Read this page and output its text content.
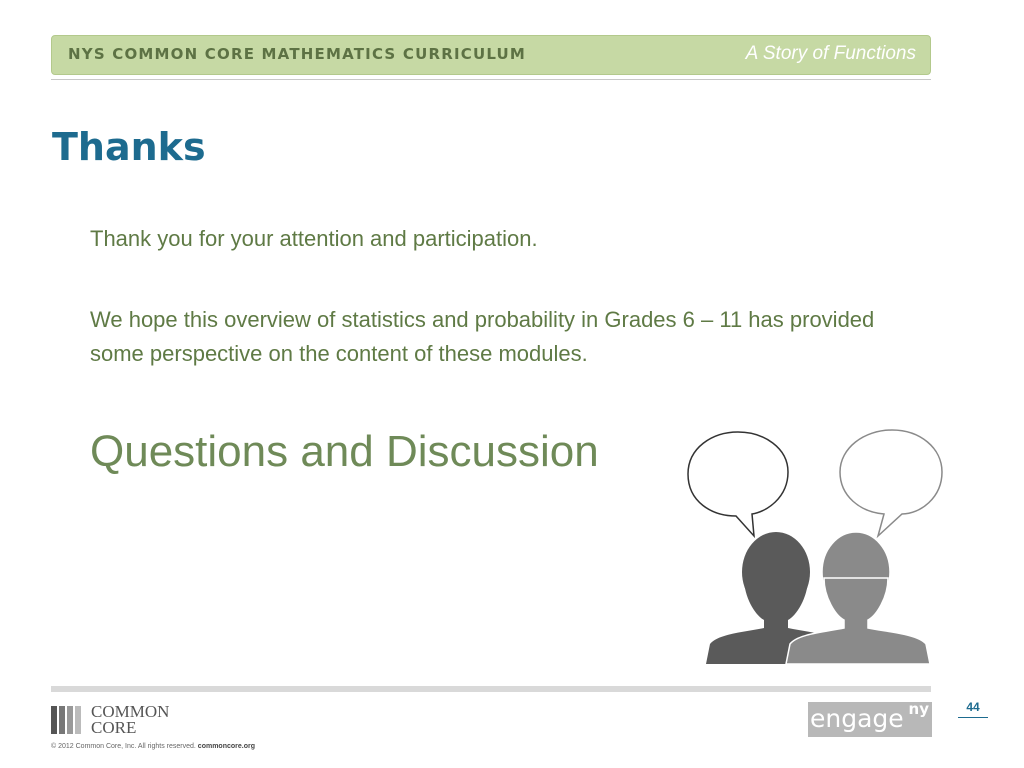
NYS COMMON CORE MATHEMATICS CURRICULUM	A Story of Functions
Thanks
Thank you for your attention and participation.
We hope this overview of statistics and probability in Grades 6 – 11 has provided some perspective on the content of these modules.
Questions and Discussion
COMMON
CORE
© 2012 Common Core, Inc. All rights reserved. commoncore.org
engage ny	44
